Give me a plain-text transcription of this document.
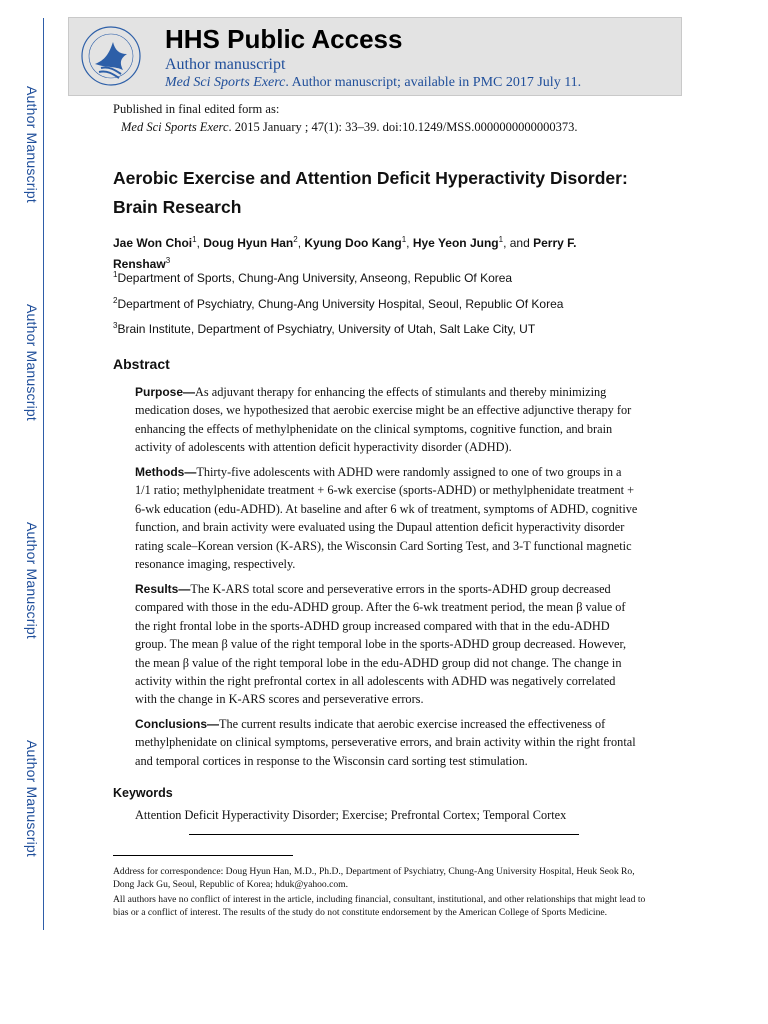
Author Manuscript
Author Manuscript
Author Manuscript
Author Manuscript
HHS Public Access
Author manuscript
Med Sci Sports Exerc. Author manuscript; available in PMC 2017 July 11.
Published in final edited form as:
Med Sci Sports Exerc. 2015 January ; 47(1): 33–39. doi:10.1249/MSS.0000000000000373.
Aerobic Exercise and Attention Deficit Hyperactivity Disorder: Brain Research
Jae Won Choi$^1$, Doug Hyun Han$^2$, Kyung Doo Kang$^1$, Hye Yeon Jung$^1$, and Perry F. Renshaw$^3$
$^1$Department of Sports, Chung-Ang University, Anseong, Republic Of Korea
$^2$Department of Psychiatry, Chung-Ang University Hospital, Seoul, Republic Of Korea
$^3$Brain Institute, Department of Psychiatry, University of Utah, Salt Lake City, UT
Abstract
Purpose—As adjuvant therapy for enhancing the effects of stimulants and thereby minimizing medication doses, we hypothesized that aerobic exercise might be an effective adjunctive therapy for enhancing the effects of methylphenidate on the clinical symptoms, cognitive function, and brain activity of adolescents with attention deficit hyperactivity disorder (ADHD).
Methods—Thirty-five adolescents with ADHD were randomly assigned to one of two groups in a 1/1 ratio; methylphenidate treatment + 6-wk exercise (sports-ADHD) or methylphenidate treatment + 6-wk education (edu-ADHD). At baseline and after 6 wk of treatment, symptoms of ADHD, cognitive function, and brain activity were evaluated using the Dupaul attention deficit hyperactivity disorder rating scale–Korean version (K-ARS), the Wisconsin Card Sorting Test, and 3-T functional magnetic resonance imaging, respectively.
Results—The K-ARS total score and perseverative errors in the sports-ADHD group decreased compared with those in the edu-ADHD group. After the 6-wk treatment period, the mean β value of the right frontal lobe in the sports-ADHD group increased compared with that in the edu-ADHD group. The mean β value of the right temporal lobe in the sports-ADHD group decreased. However, the mean β value of the right temporal lobe in the edu-ADHD group did not change. The change in activity within the right prefrontal cortex in all adolescents with ADHD was negatively correlated with the change in K-ARS scores and perseverative errors.
Conclusions—The current results indicate that aerobic exercise increased the effectiveness of methylphenidate on clinical symptoms, perseverative errors, and brain activity within the right frontal and temporal cortices in response to the Wisconsin card sorting test stimulation.
Keywords
Attention Deficit Hyperactivity Disorder; Exercise; Prefrontal Cortex; Temporal Cortex
Address for correspondence: Doug Hyun Han, M.D., Ph.D., Department of Psychiatry, Chung-Ang University Hospital, Heuk Seok Ro, Dong Jack Gu, Seoul, Republic of Korea; hduk@yahoo.com.
All authors have no conflict of interest in the article, including financial, consultant, institutional, and other relationships that might lead to bias or a conflict of interest. The results of the study do not constitute endorsement by the American College of Sports Medicine.
